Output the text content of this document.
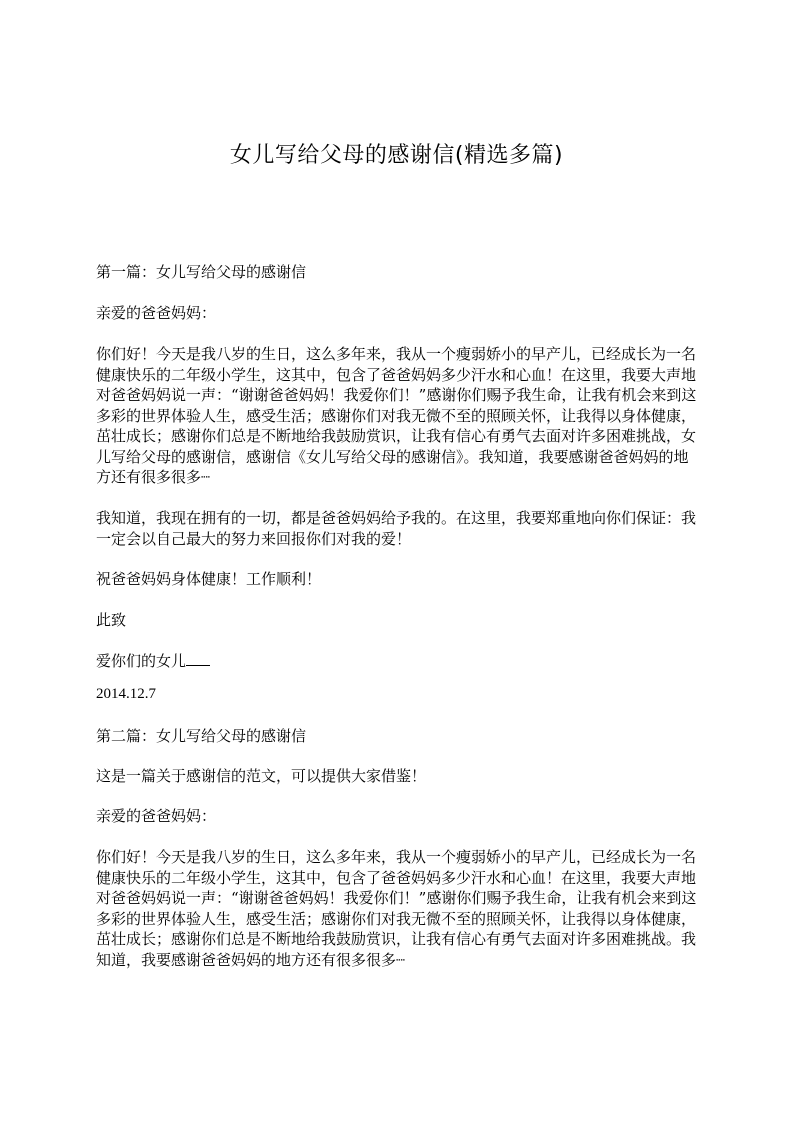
女儿写给父母的感谢信(精选多篇)

第一篇：女儿写给父母的感谢信

亲爱的爸爸妈妈：

你们好！今天是我八岁的生日，这么多年来，我从一个瘦弱娇小的早产儿，已经成长为一名健康快乐的二年级小学生，这其中，包含了爸爸妈妈多少汗水和心血！在这里，我要大声地对爸爸妈妈说一声：“谢谢爸爸妈妈！我爱你们！”感谢你们赐予我生命，让我有机会来到这多彩的世界体验人生，感受生活；感谢你们对我无微不至的照顾关怀，让我得以身体健康，茁壮成长；感谢你们总是不断地给我鼓励赏识，让我有信心有勇气去面对许多困难挑战，女儿写给父母的感谢信，感谢信《女儿写给父母的感谢信》。我知道，我要感谢爸爸妈妈的地方还有很多很多┈

我知道，我现在拥有的一切，都是爸爸妈妈给予我的。在这里，我要郑重地向你们保证：我一定会以自己最大的努力来回报你们对我的爱！

祝爸爸妈妈身体健康！工作顺利！

此致

爱你们的女儿

2014.12.7

第二篇：女儿写给父母的感谢信

这是一篇关于感谢信的范文，可以提供大家借鉴！

亲爱的爸爸妈妈：

你们好！今天是我八岁的生日，这么多年来，我从一个瘦弱娇小的早产儿，已经成长为一名健康快乐的二年级小学生，这其中，包含了爸爸妈妈多少汗水和心血！在这里，我要大声地对爸爸妈妈说一声：“谢谢爸爸妈妈！我爱你们！”感谢你们赐予我生命，让我有机会来到这多彩的世界体验人生，感受生活；感谢你们对我无微不至的照顾关怀，让我得以身体健康，茁壮成长；感谢你们总是不断地给我鼓励赏识，让我有信心有勇气去面对许多困难挑战。我知道，我要感谢爸爸妈妈的地方还有很多很多┈
